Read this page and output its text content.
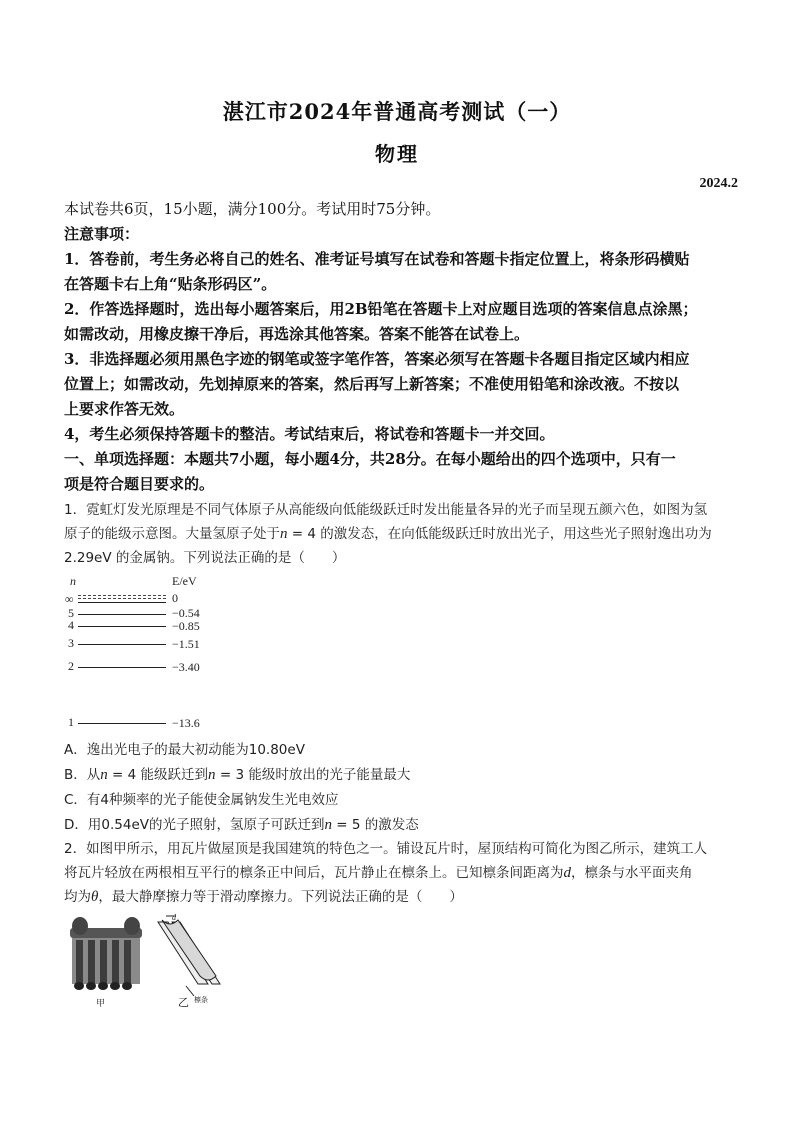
湛江市2024年普通高考测试（一）
物理
2024.2
本试卷共6页，15小题，满分100分。考试用时75分钟。
注意事项：
1．答卷前，考生务必将自己的姓名、准考证号填写在试卷和答题卡指定位置上，将条形码横贴
在答题卡右上角“贴条形码区”。
2．作答选择题时，选出每小题答案后，用2B铅笔在答题卡上对应题目选项的答案信息点涂黑；
如需改动，用橡皮擦干净后，再选涂其他答案。答案不能答在试卷上。
3．非选择题必须用黑色字迹的钢笔或签字笔作答，答案必须写在答题卡各题目指定区域内相应
位置上；如需改动，先划掉原来的答案，然后再写上新答案；不准使用铅笔和涂改液。不按以
上要求作答无效。
4，考生必须保持答题卡的整洁。考试结束后，将试卷和答题卡一并交回。
一、单项选择题：本题共7小题，每小题4分，共28分。在每小题给出的四个选项中，只有一
项是符合题目要求的。
1．霓虹灯发光原理是不同气体原子从高能级向低能级跃迁时发出能量各异的光子而呈现五颜六色，如图为氢
原子的能级示意图。大量氢原子处于n = 4 的激发态，在向低能级跃迁时放出光子，用这些光子照射逸出功为
2.29eV 的金属钠。下列说法正确的是（　　）
n	E/eV
∞	0
5	−0.54
4	−0.85
3	−1.51
2	−3.40
1	−13.6
A．逸出光电子的最大初动能为10.80eV
B．从n = 4 能级跃迁到n = 3 能级时放出的光子能量最大
C．有4种频率的光子能使金属钠发生光电效应
D．用0.54eV的光子照射，氢原子可跃迁到n = 5 的激发态
2．如图甲所示，用瓦片做屋顶是我国建筑的特色之一。铺设瓦片时，屋顶结构可简化为图乙所示，建筑工人
将瓦片轻放在两根相互平行的檩条正中间后，瓦片静止在檩条上。已知檩条间距离为d，檩条与水平面夹角
均为θ，最大静摩擦力等于滑动摩擦力。下列说法正确的是（　　）
d
甲	乙 檩条
